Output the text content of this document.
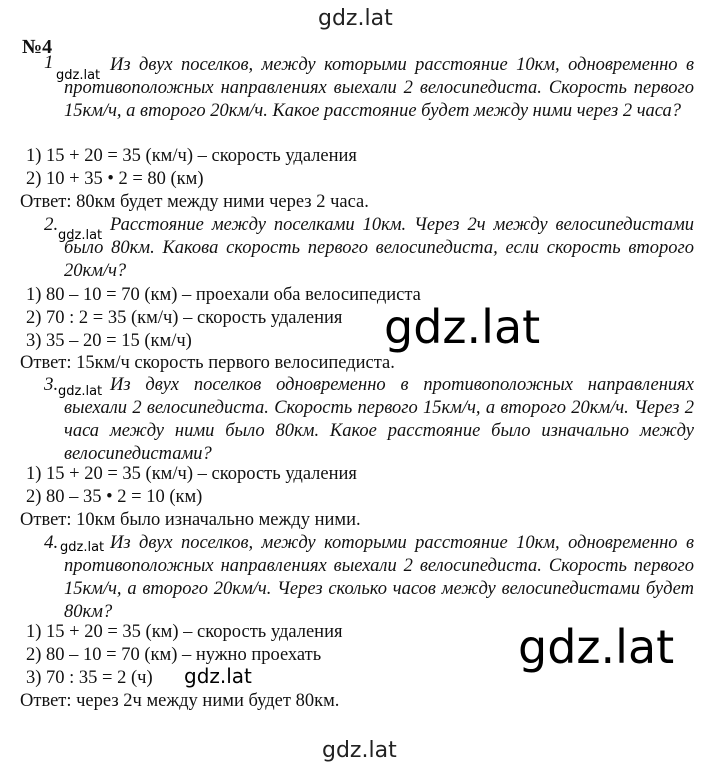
gdz.lat
№4
1
gdz.lat
Из двух поселков, между которыми расстояние 10км, одновременно в противоположных направлениях выехали 2 велосипедиста. Скорость первого 15км/ч, а второго 20км/ч. Какое расстояние будет между ними через 2 часа?
1) 15 + 20 = 35 (км/ч) – скорость удаления
2) 10 + 35 • 2 = 80 (км)
Ответ: 80км будет между ними через 2 часа.
2.
gdz.lat
Расстояние между поселками 10км. Через 2ч между велосипедистами было 80км. Какова скорость первого велосипедиста, если скорость второго 20км/ч?
1) 80 – 10 = 70 (км) – проехали оба велосипедиста
2) 70 : 2 = 35 (км/ч) – скорость удаления
3) 35 – 20 = 15 (км/ч)
Ответ: 15км/ч скорость первого велосипедиста.
gdz.lat
3. gdz.lat Из двух поселков одновременно в противоположных направлениях выехали 2 велосипедиста. Скорость первого 15км/ч, а второго 20км/ч. Через 2 часа между ними было 80км. Какое расстояние было изначально между велосипедистами?
1) 15 + 20 = 35 (км/ч) – скорость удаления
2) 80 – 35 • 2 = 10 (км)
Ответ: 10км было изначально между ними.
4. gdz.lat Из двух поселков, между которыми расстояние 10км, одновременно в противоположных направлениях выехали 2 велосипедиста. Скорость первого 15км/ч, а второго 20км/ч. Через сколько часов между велосипедистами будет 80км?
1) 15 + 20 = 35 (км) – скорость удаления
2) 80 – 10 = 70 (км) – нужно проехать
3) 70 : 35 = 2 (ч) gdz.lat
Ответ: через 2ч между ними будет 80км.
gdz.lat
gdz.lat
